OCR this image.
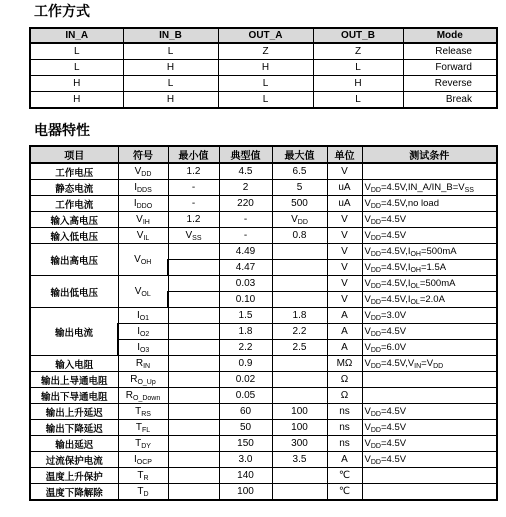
工作方式
IN_A	IN_B	OUT_A	OUT_B	Mode
L	L	Z	Z	Release
L	H	H	L	Forward
H	L	L	H	Reverse
H	H	L	L	Break
电器特性
项目	符号	最小值	典型值	最大值	单位	测试条件
工作电压	$V_{DD}$	1.2	4.5	6.5	V	
静态电流	$I_{DDS}$	-	2	5	uA	$V_{DD}=4.5V,IN\_A/IN\_B=V_{SS}$
工作电流	$I_{DDO}$	-	220	500	uA	$V_{DD}=4.5V,no$ load
输入高电压	$V_{IH}$	1.2	-	$V_{DD}$	V	$V_{DD}=4.5V$
输入低电压	$V_{IL}$	$V_{SS}$	-	0.8	V	$V_{DD}=4.5V$
输出高电压	$V_{OH}$		4.49		V	$V_{DD}=4.5V,I_{OH}=500mA$
			4.47		V	$V_{DD}=4.5V,I_{OH}=1.5A$
输出低电压	$V_{OL}$		0.03		V	$V_{DD}=4.5V,I_{OL}=500mA$
			0.10		V	$V_{DD}=4.5V,I_{OL}=2.0A$
输出电流	$I_{O1}$		1.5	1.8	A	$V_{DD}=3.0V$
	$I_{O2}$		1.8	2.2	A	$V_{DD}=4.5V$
	$I_{O3}$		2.2	2.5	A	$V_{DD}=6.0V$
输入电阻	$R_{IN}$		0.9		MΩ	$V_{DD}=4.5V,V_{IN}=V_{DD}$
输出上导通电阻	$R_{O\_Up}$		0.02		Ω	
输出下导通电阻	$R_{O\_Down}$		0.05		Ω	
输出上升延迟	$T_{RS}$		60	100	ns	$V_{DD}=4.5V$
输出下降延迟	$T_{FL}$		50	100	ns	$V_{DD}=4.5V$
输出延迟	$T_{DY}$		150	300	ns	$V_{DD}=4.5V$
过流保护电流	$I_{OCP}$		3.0	3.5	A	$V_{DD}=4.5V$
温度上升保护	$T_R$		140		℃	
温度下降解除	$T_D$		100		℃	
